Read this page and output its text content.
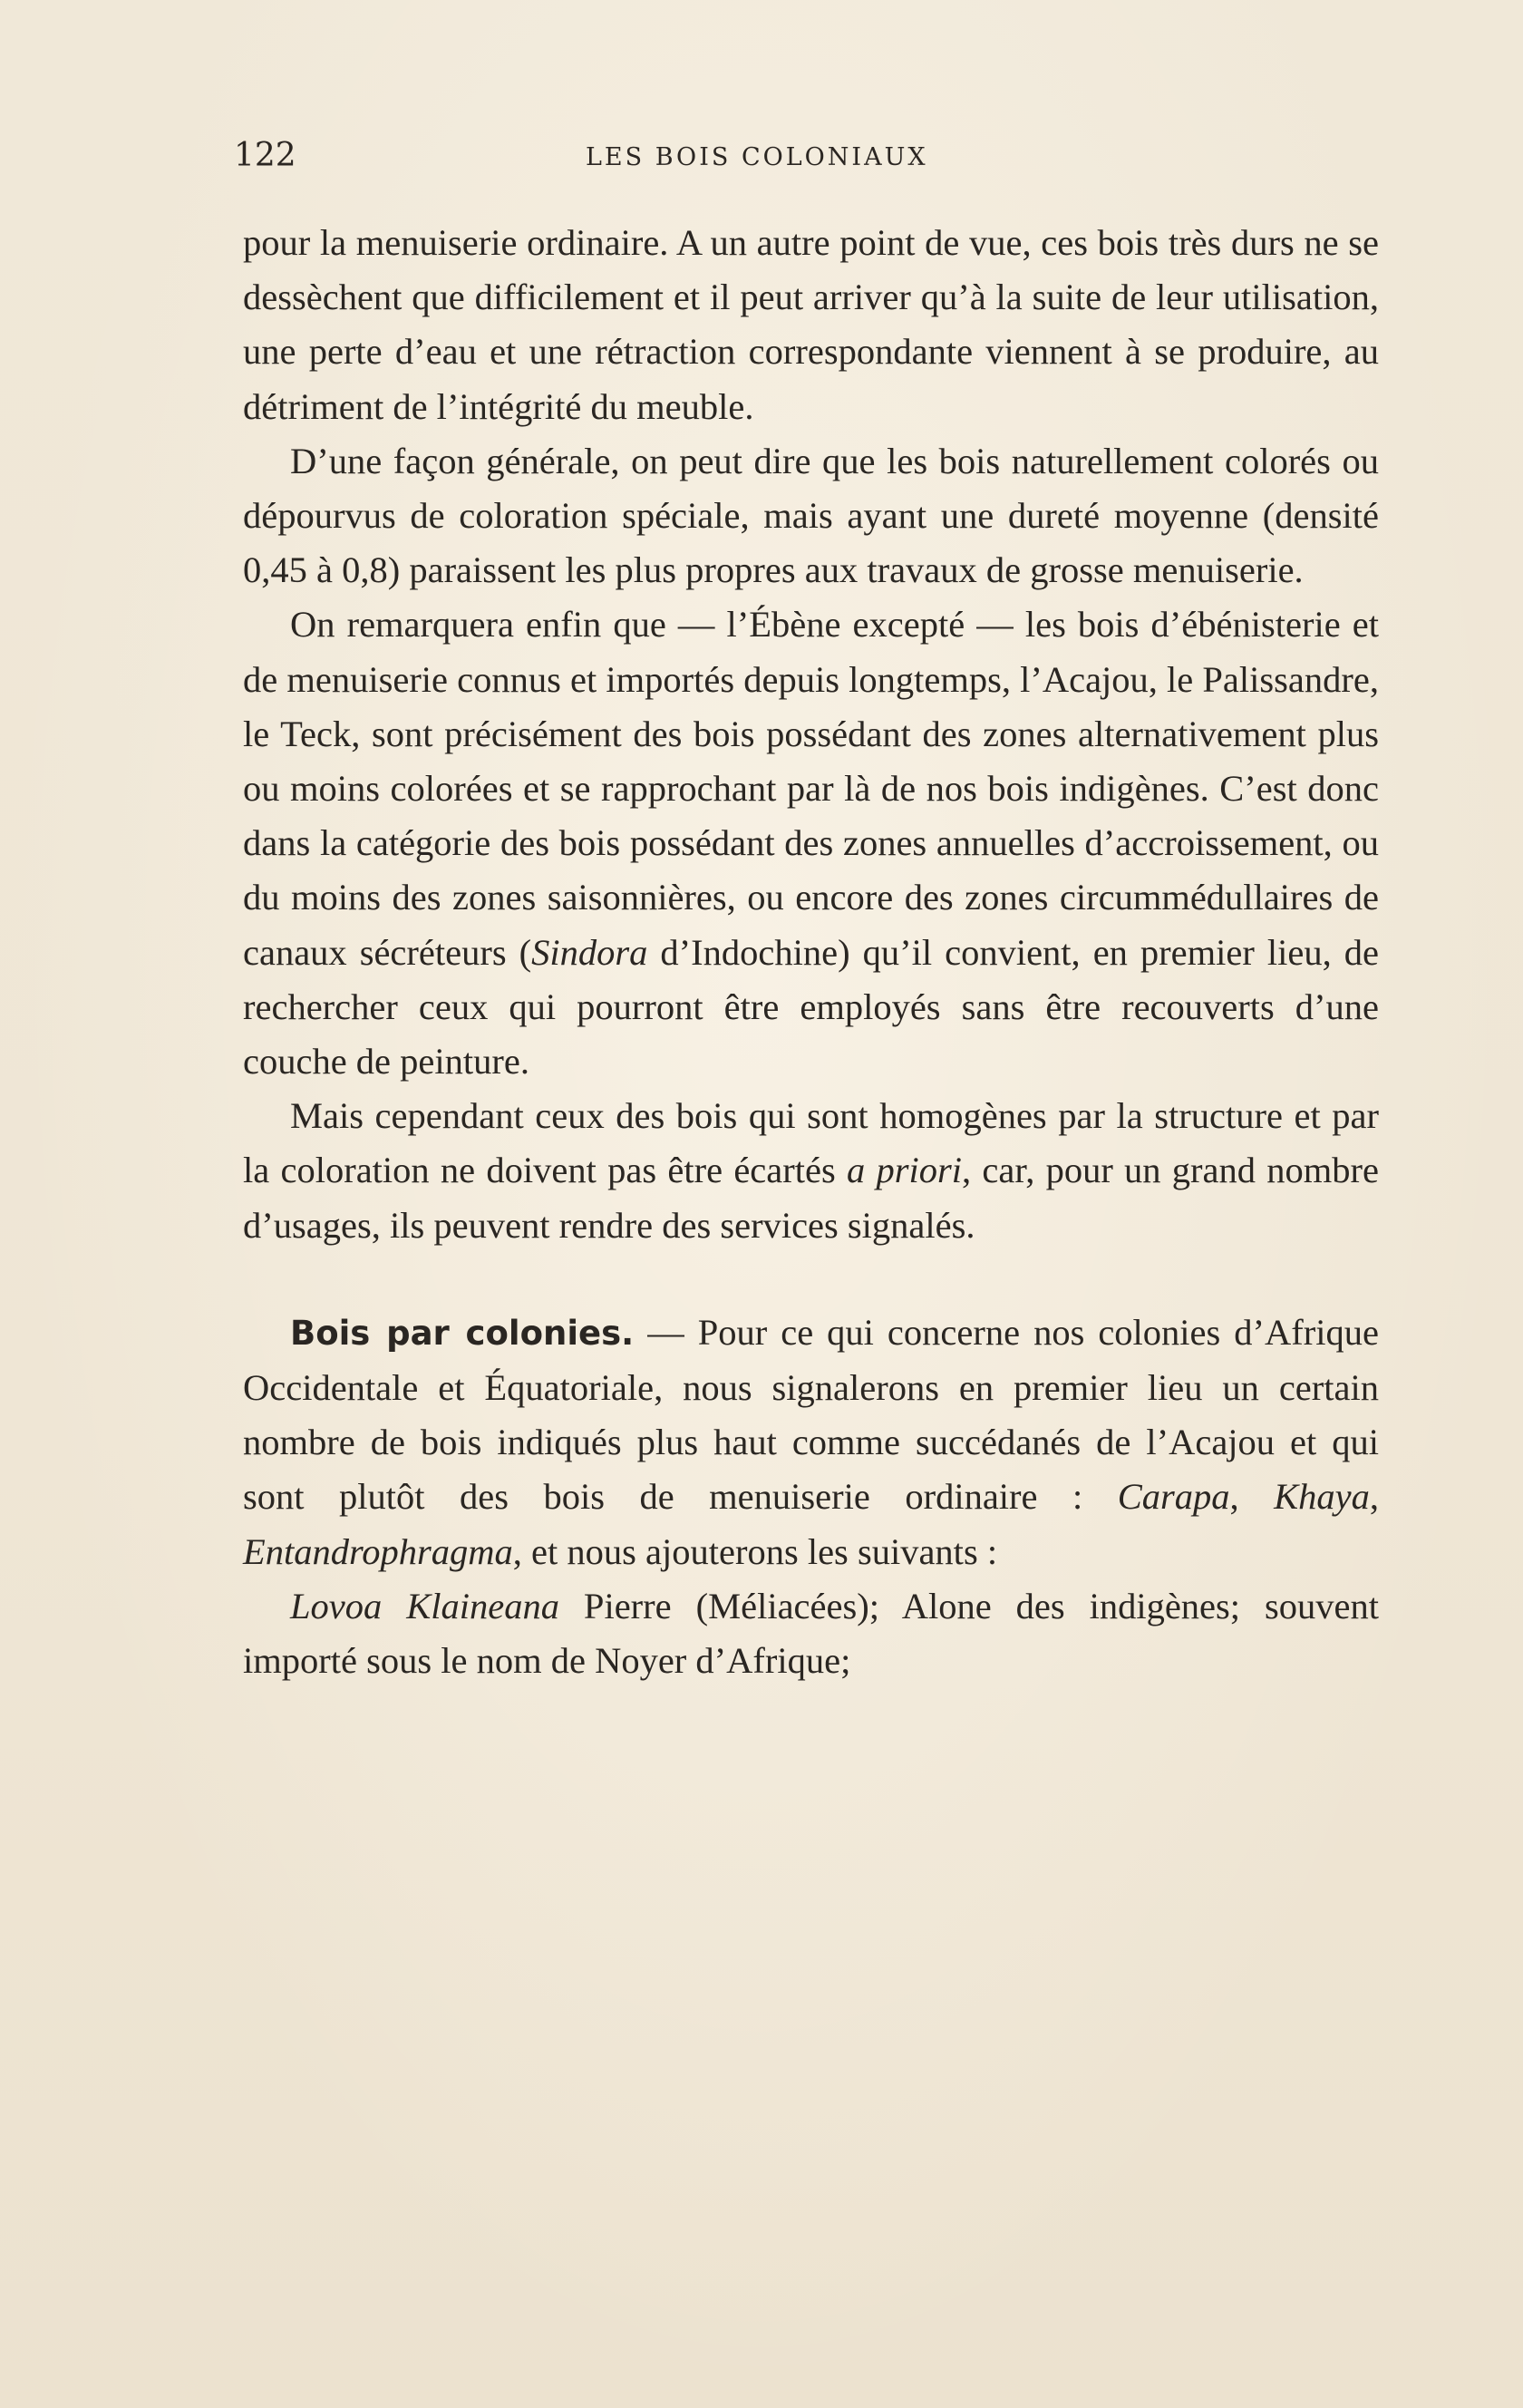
122	LES BOIS COLONIAUX

pour la menuiserie ordinaire. A un autre point de vue, ces bois très durs ne se dessèchent que difficilement et il peut arriver qu’à la suite de leur utilisation, une perte d’eau et une rétraction correspondante viennent à se produire, au détriment de l’intégrité du meuble.

D’une façon générale, on peut dire que les bois naturellement colorés ou dépourvus de coloration spéciale, mais ayant une dureté moyenne (densité 0,45 à 0,8) paraissent les plus propres aux travaux de grosse menuiserie.

On remarquera enfin que — l’Ébène excepté — les bois d’ébénisterie et de menuiserie connus et importés depuis longtemps, l’Acajou, le Palissandre, le Teck, sont précisément des bois possédant des zones alternativement plus ou moins colorées et se rapprochant par là de nos bois indigènes. C’est donc dans la catégorie des bois possédant des zones annuelles d’accroissement, ou du moins des zones saisonnières, ou encore des zones circummédullaires de canaux sécréteurs (Sindora d’Indochine) qu’il convient, en premier lieu, de rechercher ceux qui pourront être employés sans être recouverts d’une couche de peinture.

Mais cependant ceux des bois qui sont homogènes par la structure et par la coloration ne doivent pas être écartés a priori, car, pour un grand nombre d’usages, ils peuvent rendre des services signalés.

Bois par colonies. — Pour ce qui concerne nos colonies d’Afrique Occidentale et Équatoriale, nous signalerons en premier lieu un certain nombre de bois indiqués plus haut comme succédanés de l’Acajou et qui sont plutôt des bois de menuiserie ordinaire : Carapa, Khaya, Entandrophragma, et nous ajouterons les suivants :

Lovoa Klaineana Pierre (Méliacées); Alone des indigènes; souvent importé sous le nom de Noyer d’Afrique;
